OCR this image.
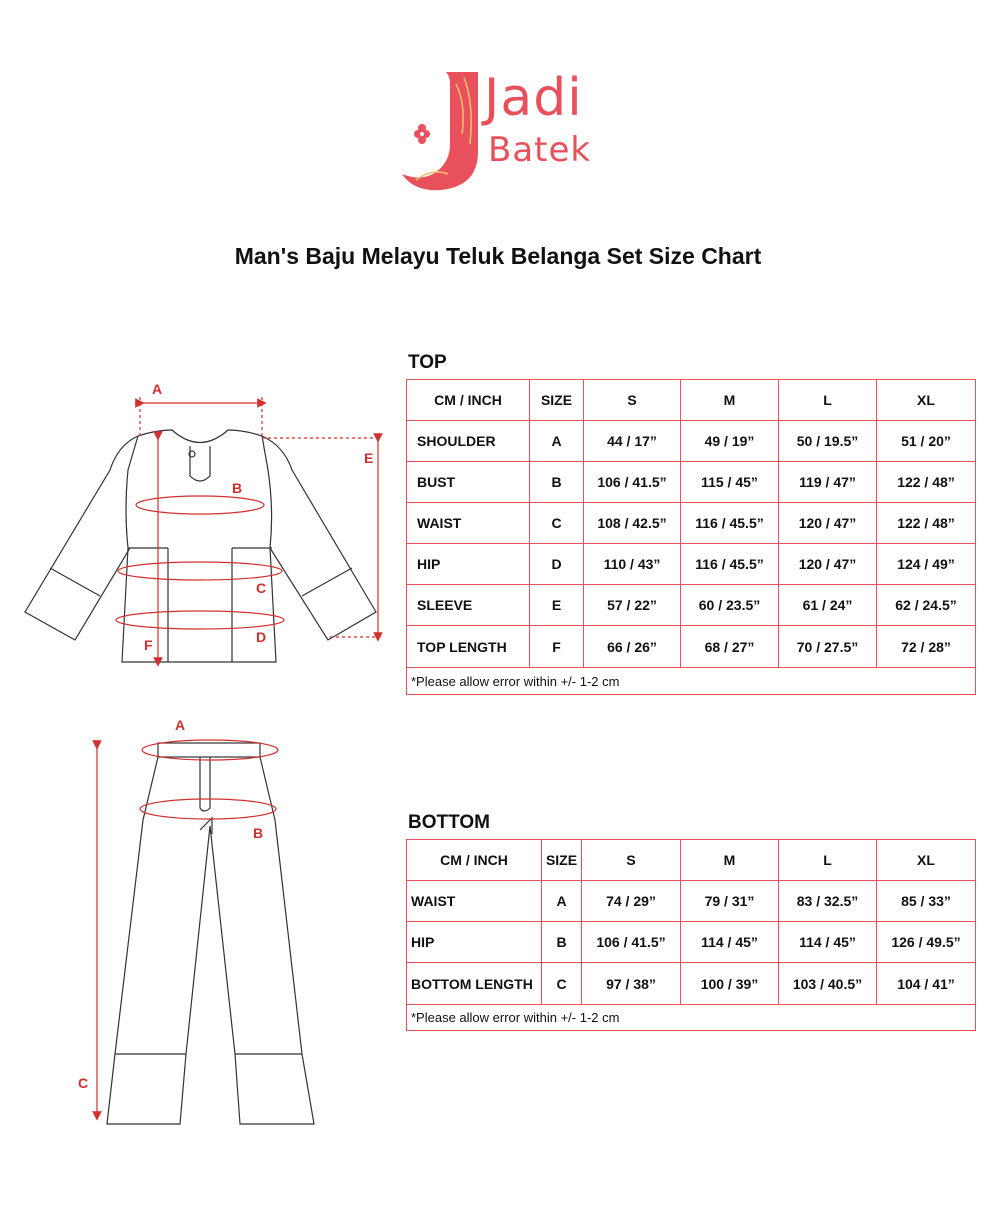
Jadi
Batek
Man's Baju Melayu Teluk Belanga Set Size Chart
TOP
CM / INCH	SIZE	S	M	L	XL
SHOULDER	A	44 / 17”	49 / 19”	50 / 19.5”	51 / 20”
BUST	B	106 / 41.5”	115 / 45”	119 / 47”	122 / 48”
WAIST	C	108 / 42.5”	116 / 45.5”	120 / 47”	122 / 48”
HIP	D	110 / 43”	116 / 45.5”	120 / 47”	124 / 49”
SLEEVE	E	57 / 22”	60 / 23.5”	61 / 24”	62 / 24.5”
TOP LENGTH	F	66 / 26”	68 / 27”	70 / 27.5”	72 / 28”
*Please allow error within +/- 1-2 cm					
BOTTOM
CM / INCH	SIZE	S	M	L	XL
WAIST	A	74 / 29”	79 / 31”	83 / 32.5”	85 / 33”
HIP	B	106 / 41.5”	114 / 45”	114 / 45”	126 / 49.5”
BOTTOM LENGTH	C	97 / 38”	100 / 39”	103 / 40.5”	104 / 41”
*Please allow error within +/- 1-2 cm					
A
B
C
D
E
F
A
B
C
